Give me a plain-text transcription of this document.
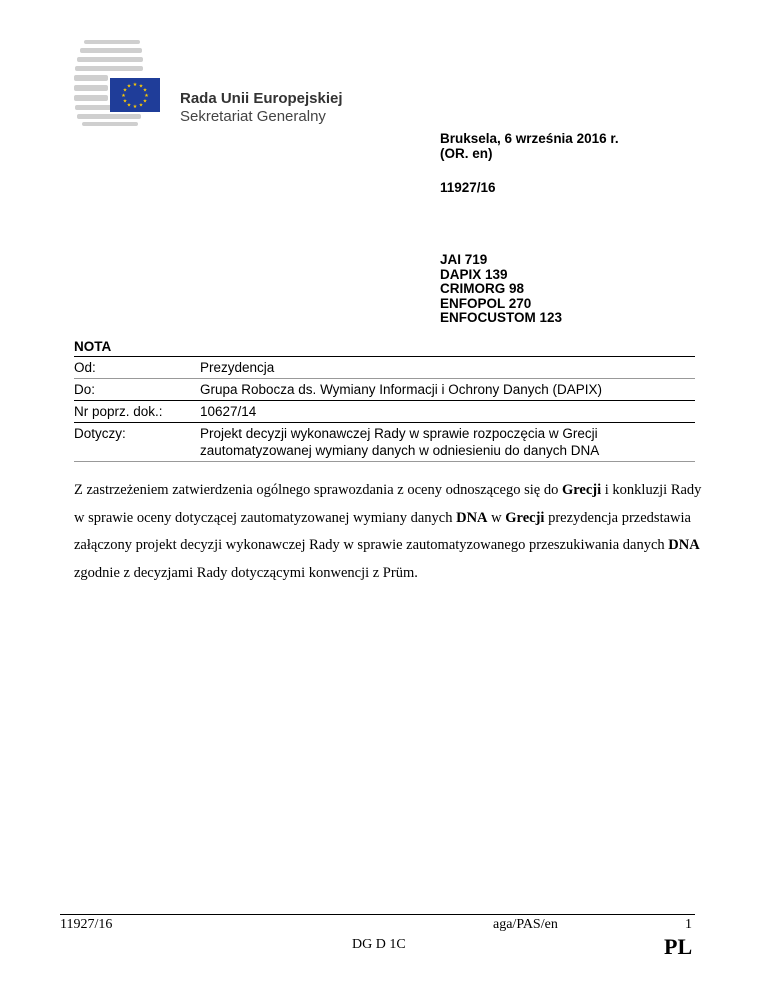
★ ★
★
★
★
★
★
★
★
★
★
★
Rada Unii Europejskiej
Sekretariat Generalny
Bruksela, 6 września 2016 r.
(OR. en)
11927/16
JAI 719
DAPIX 139
CRIMORG 98
ENFOPOL 270
ENFOCUSTOM 123
NOTA
Od:	Prezydencja
Do:	Grupa Robocza ds. Wymiany Informacji i Ochrony Danych (DAPIX)
Nr poprz. dok.:	10627/14
Dotyczy:	Projekt decyzji wykonawczej Rady w sprawie rozpoczęcia w Grecji zautomatyzowanej wymiany danych w odniesieniu do danych DNA
Z zastrzeżeniem zatwierdzenia ogólnego sprawozdania z oceny odnoszącego się do Grecji i konkluzji Rady w sprawie oceny dotyczącej zautomatyzowanej wymiany danych DNA w Grecji prezydencja przedstawia załączony projekt decyzji wykonawczej Rady w sprawie zautomatyzowanego przeszukiwania danych DNA zgodnie z decyzjami Rady dotyczącymi konwencji z Prüm.
11927/16	aga/PAS/en	1
DG D 1C	PL
